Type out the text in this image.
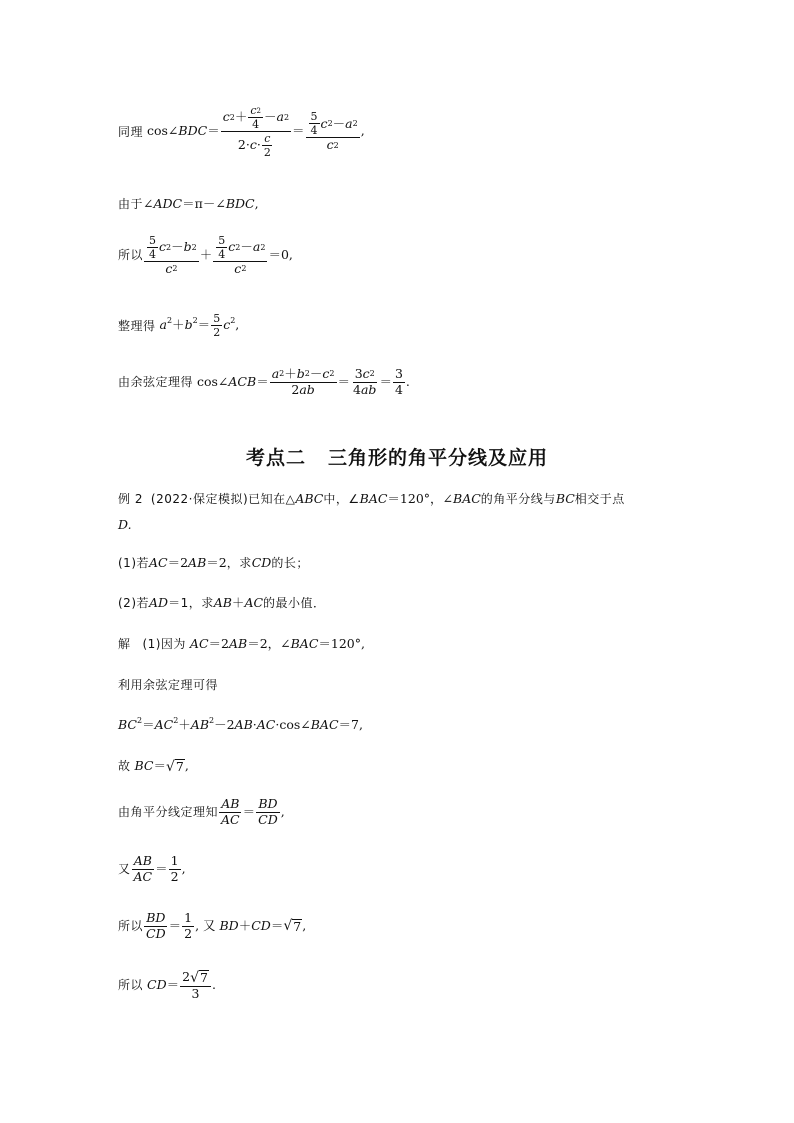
同理 cos∠BDC＝ $\frac{c 2 + \frac{c 2}{4} - a 2}{2\cdot c \cdot \frac{c}{2}} = \frac{\frac{5}{4} c 2 - a 2}{c 2}$ ,
由于 ∠ADC＝π－∠BDC,
所以 $\frac{\frac{5}{4} c 2 - b 2}{c 2} + \frac{\frac{5}{4} c 2 - a 2}{c 2} =0$,
整理得 $a^2+b^2= \frac{5}{2} c^2$,
由余弦定理得 cos∠ACB＝ $\frac{a 2 + b 2 - c 2}{2 ab} = \frac{3 c 2}{4 ab} = \frac{3}{4}$ .
考点二 三角形的角平分线及应用
例 2 (2022·保定模拟)已知在△ABC中，∠BAC＝120°，∠BAC的角平分线与BC相交于点
D.
(1)若 AC＝2AB＝2 ，求 CD 的长；
(2)若 AD ＝1，求 AB＋AC 的最小值．
解
(1)因为 AC＝2AB＝2，∠BAC＝120°,
利用余弦定理可得
$BC^2=AC^2+AB^2-2AB\cdot AC\cdot\cos\angle BAC=7$,
故 BC＝ √ 7 ,
由角平分线定理知 $\frac{AB}{AC} = \frac{BD}{CD}$ ,
又 $\frac{AB}{AC} = \frac{1}{2}$ ,
所以 $\frac{BD}{CD} = \frac{1}{2}$ , 又 BD＋CD＝ √ 7 ,
所以 $CD= \frac{2 √ 7}{3}$ .
